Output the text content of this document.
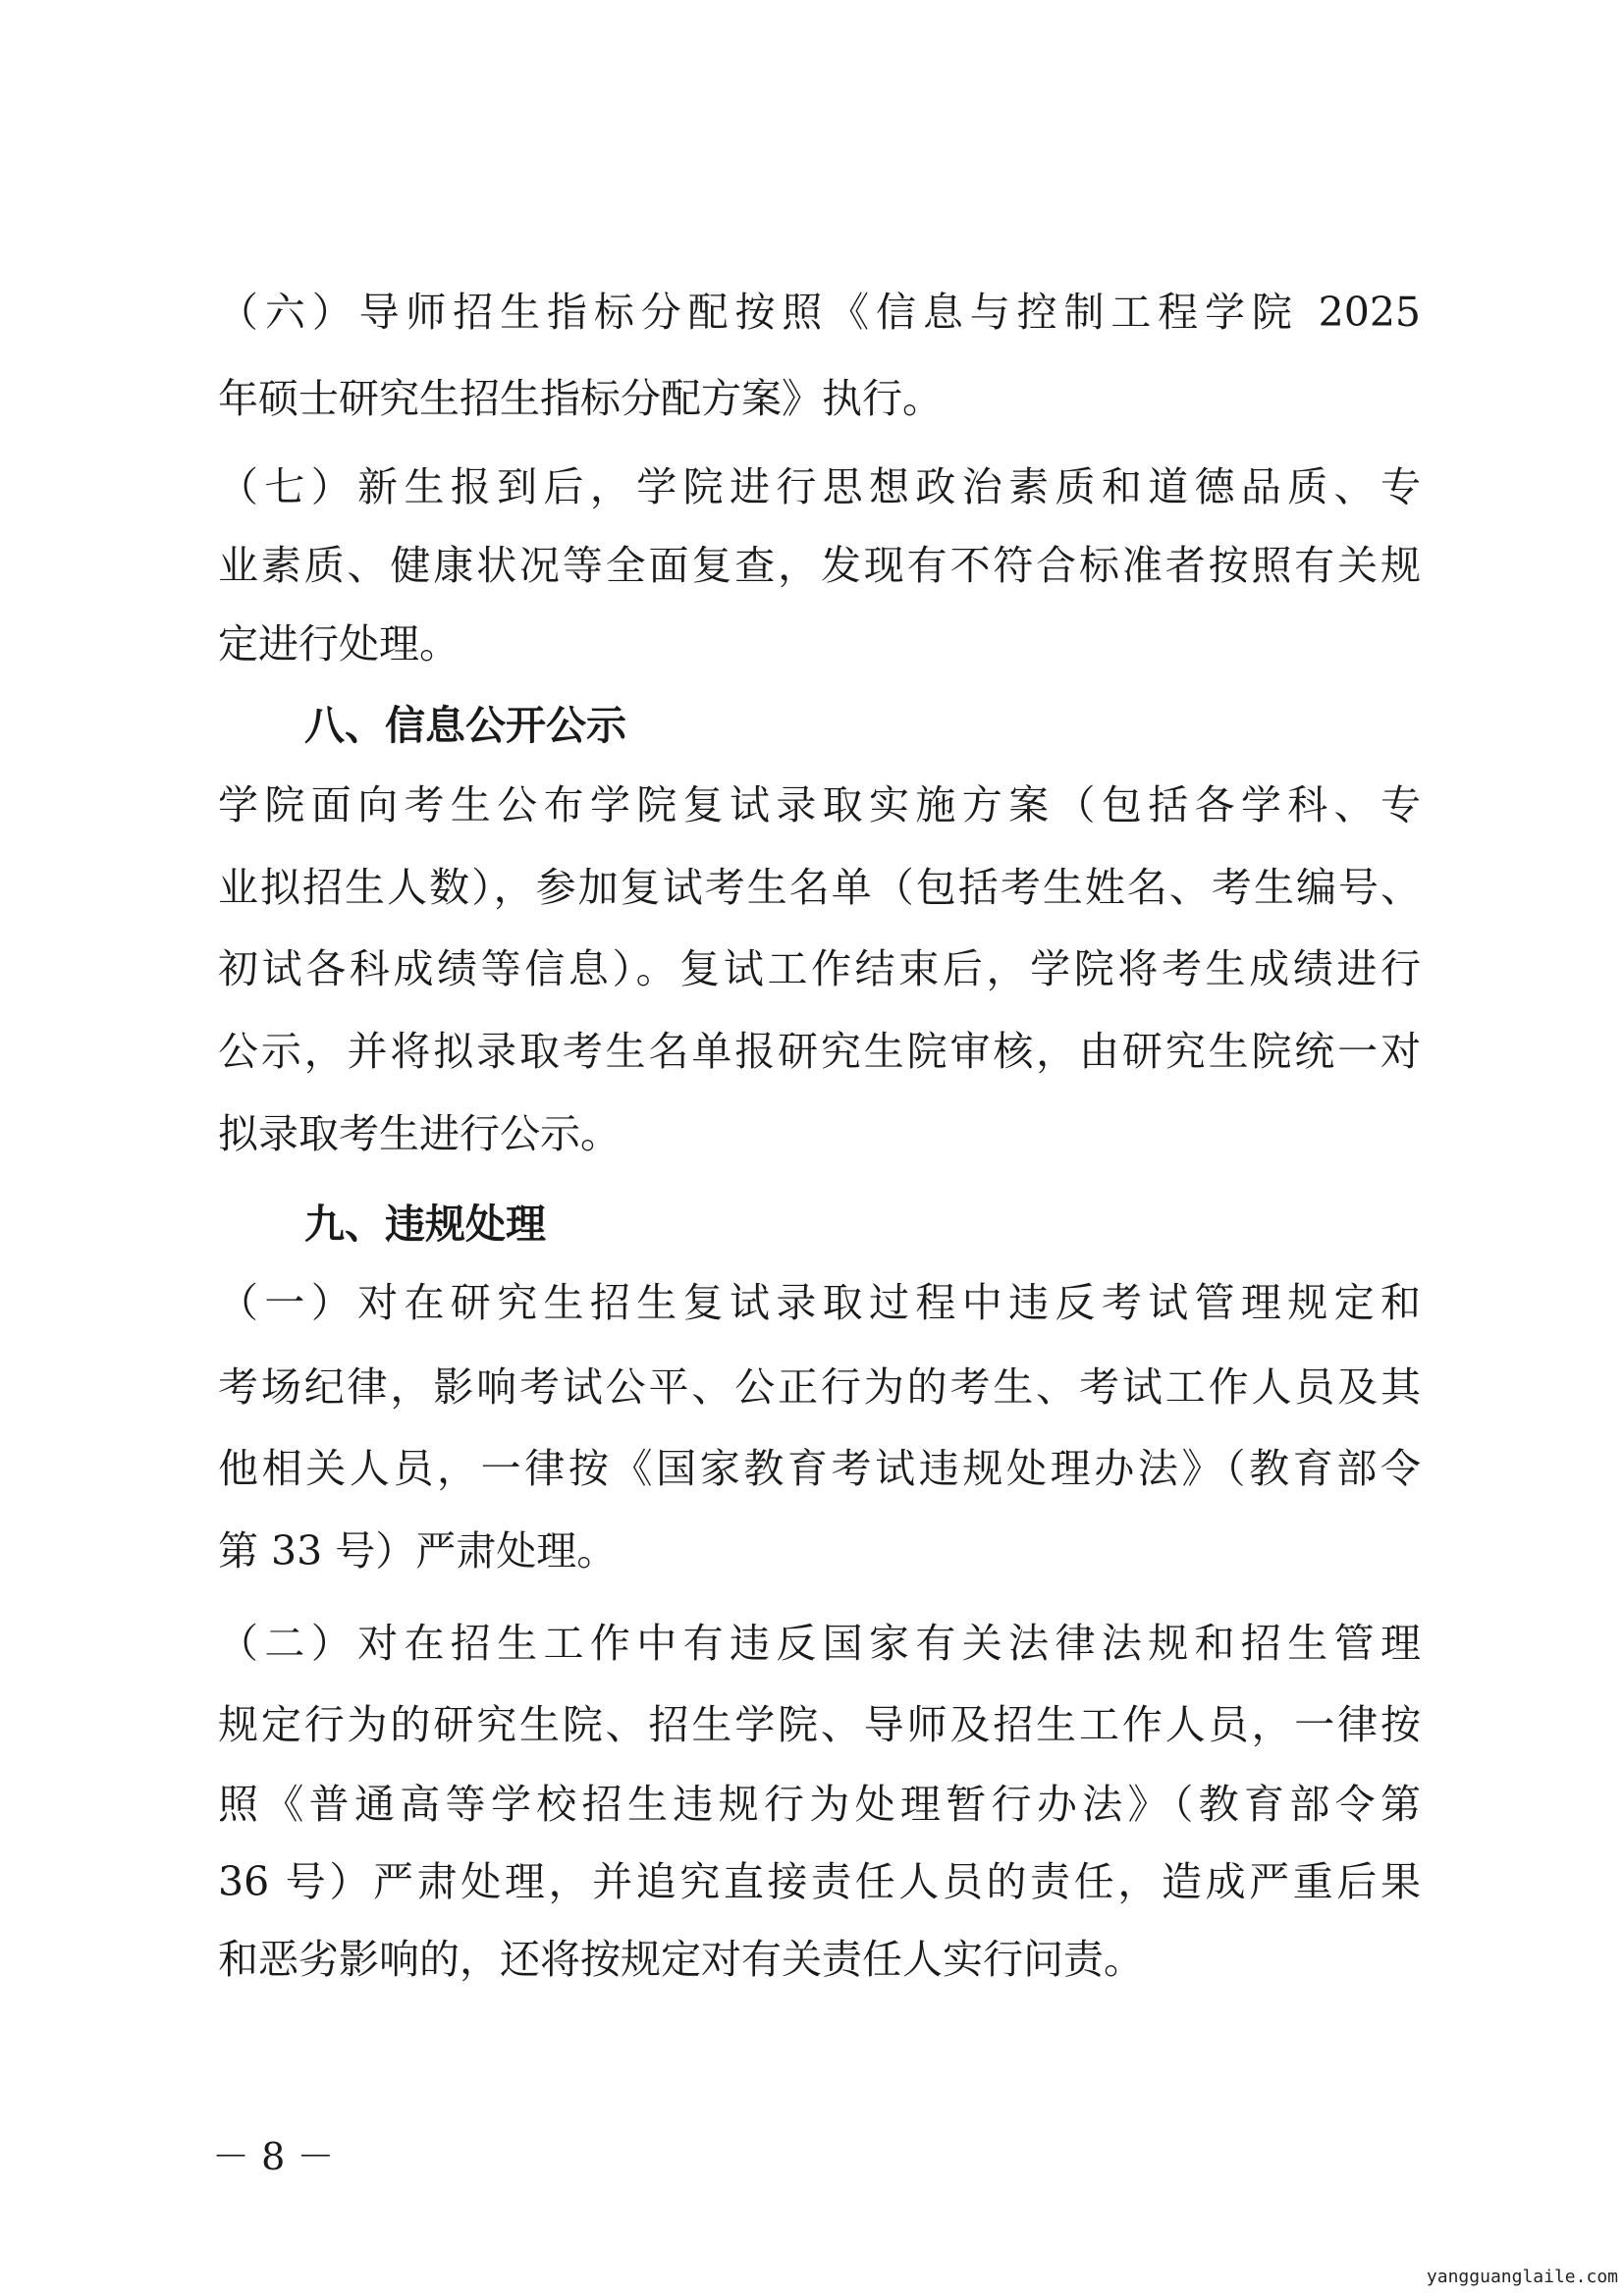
（六）导师招生指标分配按照《信息与控制工程学院 2025
年硕士研究生招生指标分配方案》执行。
（七）新生报到后，学院进行思想政治素质和道德品质、专
业素质、健康状况等全面复查，发现有不符合标准者按照有关规
定进行处理。
八、信息公开公示
学院面向考生公布学院复试录取实施方案（包括各学科、专
业拟招生人数），参加复试考生名单（包括考生姓名、考生编号、
初试各科成绩等信息）。复试工作结束后，学院将考生成绩进行
公示，并将拟录取考生名单报研究生院审核，由研究生院统一对
拟录取考生进行公示。
九、违规处理
（一）对在研究生招生复试录取过程中违反考试管理规定和
考场纪律，影响考试公平、公正行为的考生、考试工作人员及其
他相关人员，一律按《国家教育考试违规处理办法》（教育部令
第 33 号）严肃处理。
（二）对在招生工作中有违反国家有关法律法规和招生管理
规定行为的研究生院、招生学院、导师及招生工作人员，一律按
照《普通高等学校招生违规行为处理暂行办法》（教育部令第
36 号）严肃处理，并追究直接责任人员的责任，造成严重后果
和恶劣影响的，还将按规定对有关责任人实行问责。
－ 8 －
yangguanglaile.com
